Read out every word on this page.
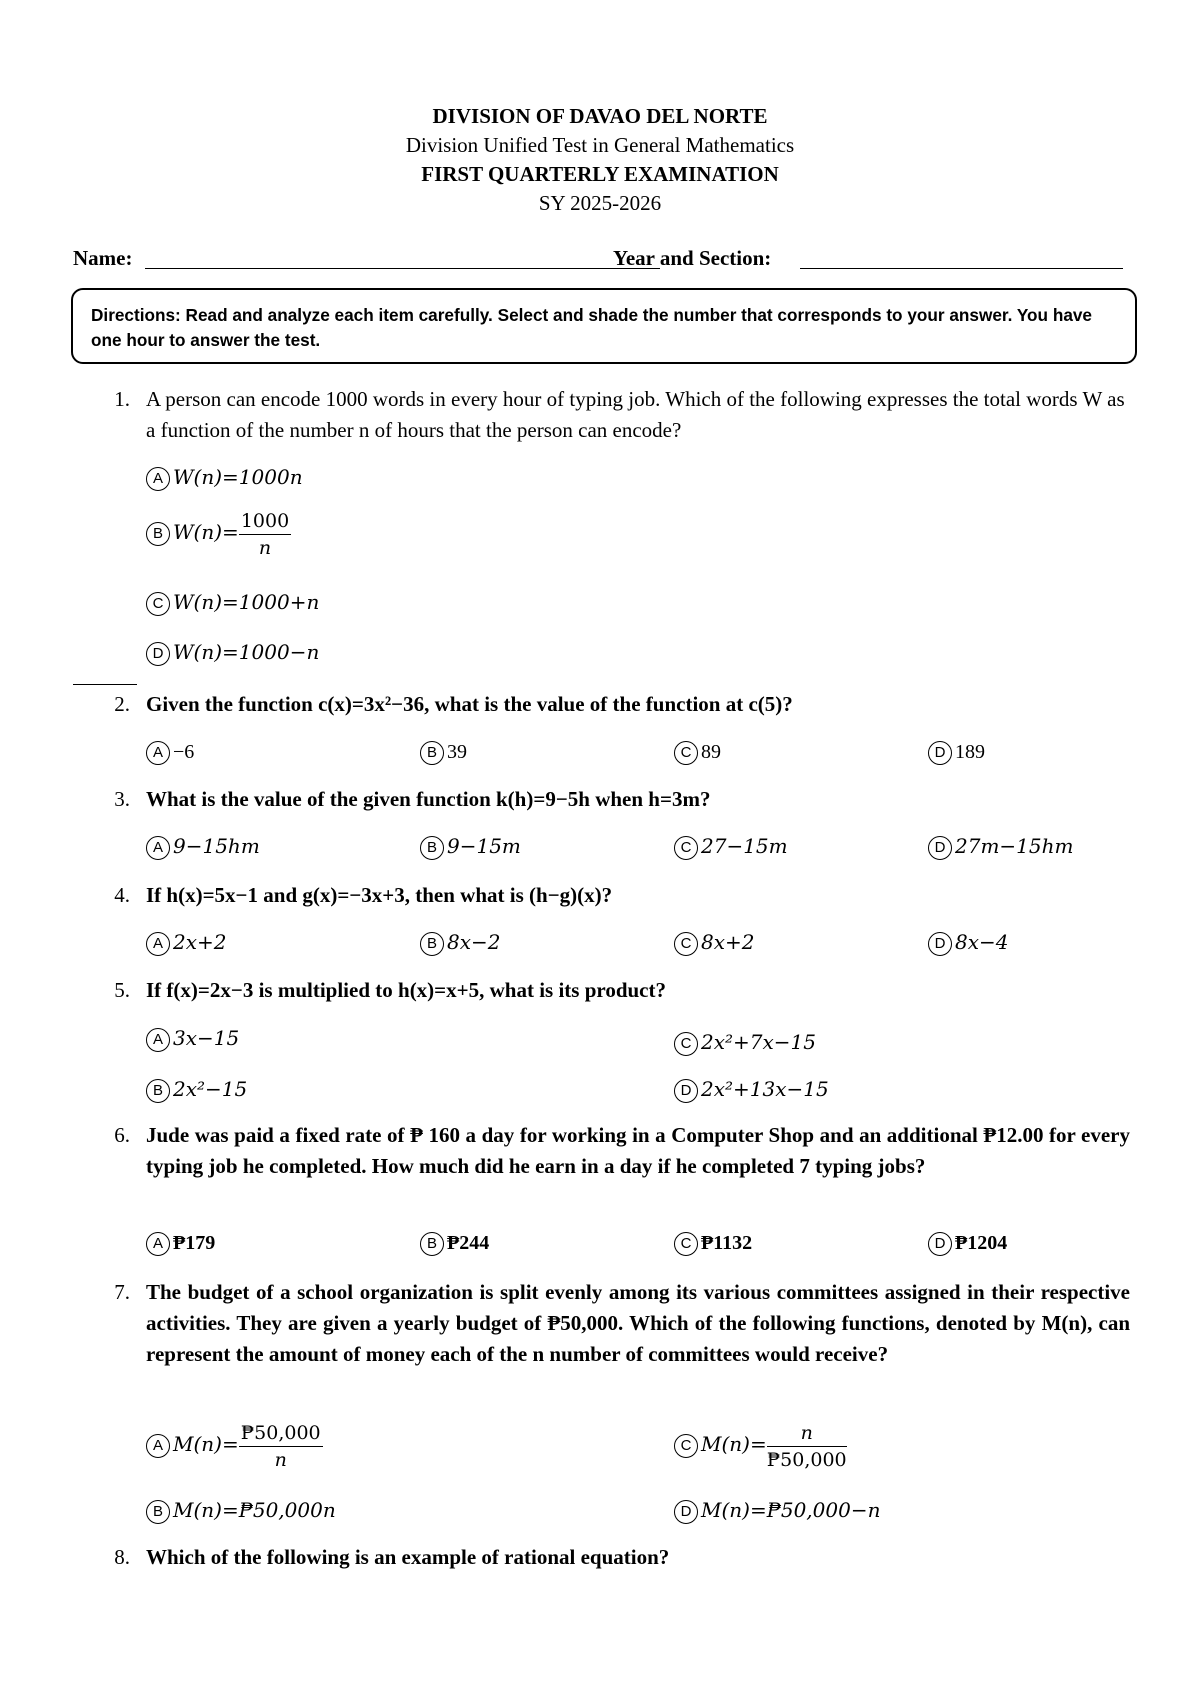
DIVISION OF DAVAO DEL NORTE
Division Unified Test in General Mathematics
FIRST QUARTERLY EXAMINATION
SY 2025-2026
Name:	Year and Section:
Directions: Read and analyze each item carefully. Select and shade the number that corresponds to your answer. You have one hour to answer the test.
1. A person can encode 1000 words in every hour of typing job. Which of the following expresses the total words W as a function of the number n of hours that the person can encode?
A W(n)=1000n
B $W(n)= \frac{1000}{n}$
C W(n)=1000+n
D W(n)=1000−n
2. Given the function c(x)=3x²−36, what is the value of the function at c(5)?
A −6	B 39	C 89	D 189
3. What is the value of the given function k(h)=9−5h when h=3m?
A 9−15hm	B 9−15m	C 27−15m	D 27m−15hm
4. If h(x)=5x−1 and g(x)=−3x+3, then what is (h−g)(x)?
A 2x+2	B 8x−2	C 8x+2	D 8x−4
5. If f(x)=2x−3 is multiplied to h(x)=x+5, what is its product?
A 3x−15
B 2x²−15
C 2x²+7x−15
D 2x²+13x−15
6. Jude was paid a fixed rate of ₱ 160 a day for working in a Computer Shop and an additional ₱12.00 for every typing job he completed. How much did he earn in a day if he completed 7 typing jobs?
A ₱179	B ₱244	C ₱1132	D ₱1204
7. The budget of a school organization is split evenly among its various committees assigned in their respective activities. They are given a yearly budget of ₱50,000. Which of the following functions, denoted by M(n), can represent the amount of money each of the n number of committees would receive?
A $M(n)= \frac{₱50,000}{n}$	C $M(n)= \frac{n}{₱50,000}$
B M(n)=₱50,000n	D M(n)=₱50,000−n
8. Which of the following is an example of rational equation?
